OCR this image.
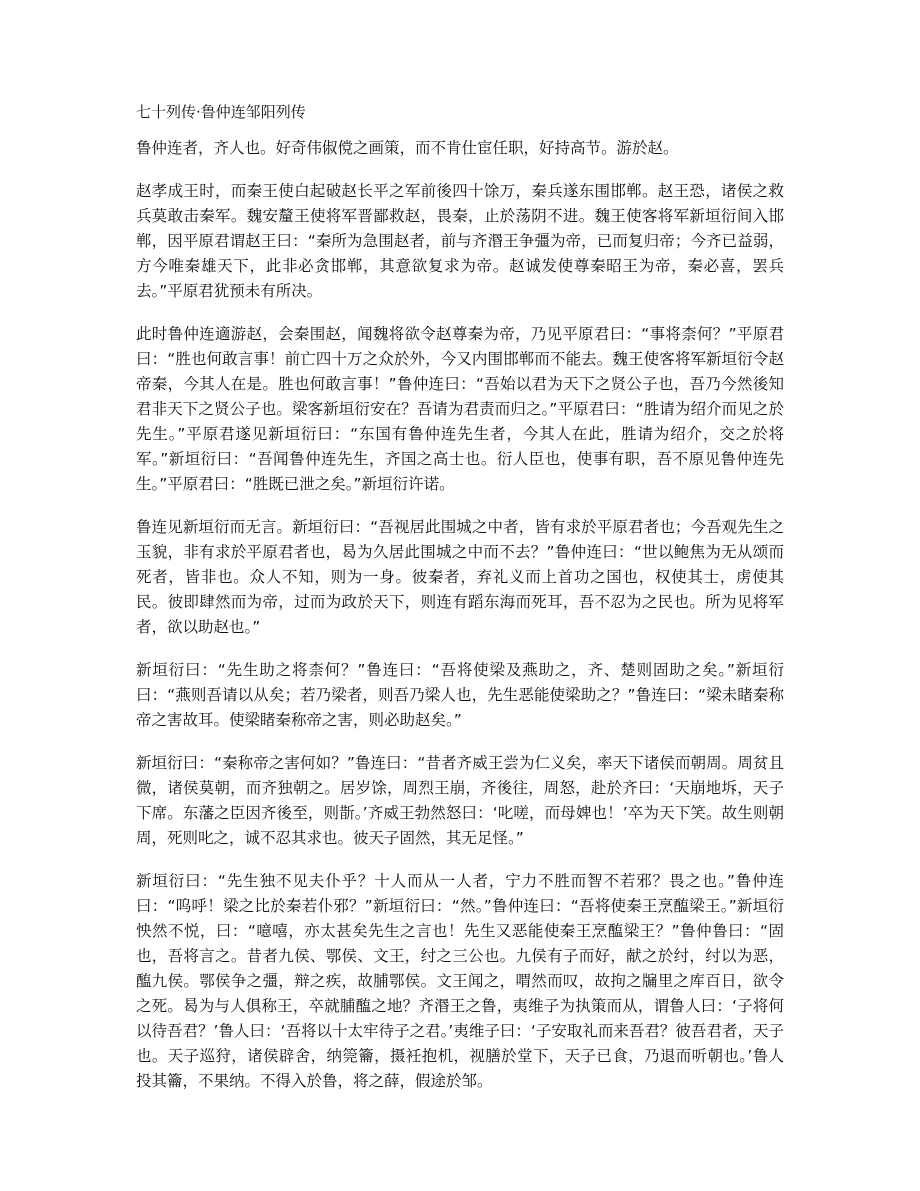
七十列传·鲁仲连邹阳列传

鲁仲连者，齐人也。好奇伟俶傥之画策，而不肯仕宦任职，好持高节。游於赵。

赵孝成王时，而秦王使白起破赵长平之军前後四十馀万，秦兵遂东围邯郸。赵王恐，诸侯之救兵莫敢击秦军。魏安釐王使将军晋鄙救赵，畏秦，止於荡阴不进。魏王使客将军新垣衍间入邯郸，因平原君谓赵王曰：“秦所为急围赵者，前与齐湣王争彊为帝，已而复归帝；今齐已益弱，方今唯秦雄天下，此非必贪邯郸，其意欲复求为帝。赵诚发使尊秦昭王为帝，秦必喜，罢兵去。”平原君犹预未有所决。

此时鲁仲连適游赵，会秦围赵，闻魏将欲令赵尊秦为帝，乃见平原君曰：“事将柰何？”平原君曰：“胜也何敢言事！前亡四十万之众於外，今又内围邯郸而不能去。魏王使客将军新垣衍令赵帝秦，今其人在是。胜也何敢言事！”鲁仲连曰：“吾始以君为天下之贤公子也，吾乃今然後知君非天下之贤公子也。梁客新垣衍安在？吾请为君责而归之。”平原君曰：“胜请为绍介而见之於先生。”平原君遂见新垣衍曰：“东国有鲁仲连先生者，今其人在此，胜请为绍介，交之於将军。”新垣衍曰：“吾闻鲁仲连先生，齐国之高士也。衍人臣也，使事有职，吾不原见鲁仲连先生。”平原君曰：“胜既已泄之矣。”新垣衍许诺。

鲁连见新垣衍而无言。新垣衍曰：“吾视居此围城之中者，皆有求於平原君者也；今吾观先生之玉貌，非有求於平原君者也，曷为久居此围城之中而不去？”鲁仲连曰：“世以鲍焦为无从颂而死者，皆非也。众人不知，则为一身。彼秦者，弃礼义而上首功之国也，权使其士，虏使其民。彼即肆然而为帝，过而为政於天下，则连有蹈东海而死耳，吾不忍为之民也。所为见将军者，欲以助赵也。”

新垣衍曰：“先生助之将柰何？”鲁连曰：“吾将使梁及燕助之，齐、楚则固助之矣。”新垣衍曰：“燕则吾请以从矣；若乃梁者，则吾乃梁人也，先生恶能使梁助之？”鲁连曰：“梁未睹秦称帝之害故耳。使梁睹秦称帝之害，则必助赵矣。”

新垣衍曰：“秦称帝之害何如？”鲁连曰：“昔者齐威王尝为仁义矣，率天下诸侯而朝周。周贫且微，诸侯莫朝，而齐独朝之。居岁馀，周烈王崩，齐後往，周怒，赴於齐曰：‘天崩地坼，天子下席。东藩之臣因齐後至，则斮。’齐威王勃然怒曰：‘叱嗟，而母婢也！’卒为天下笑。故生则朝周，死则叱之，诚不忍其求也。彼天子固然，其无足怪。”

新垣衍曰：“先生独不见夫仆乎？十人而从一人者，宁力不胜而智不若邪？畏之也。”鲁仲连曰：“呜呼！梁之比於秦若仆邪？”新垣衍曰：“然。”鲁仲连曰：“吾将使秦王烹醢梁王。”新垣衍怏然不悦，曰：“噫嘻，亦太甚矣先生之言也！先生又恶能使秦王烹醢梁王？”鲁仲鲁曰：“固也，吾将言之。昔者九侯、鄂侯、文王，纣之三公也。九侯有子而好，献之於纣，纣以为恶，醢九侯。鄂侯争之彊，辩之疾，故脯鄂侯。文王闻之，喟然而叹，故拘之牖里之库百日，欲令之死。曷为与人俱称王，卒就脯醢之地？齐湣王之鲁，夷维子为执策而从，谓鲁人曰：‘子将何以待吾君？’鲁人曰：‘吾将以十太牢待子之君。’夷维子曰：‘子安取礼而来吾君？彼吾君者，天子也。天子巡狩，诸侯辟舍，纳筦籥，摄衽抱机，视膳於堂下，天子已食，乃退而听朝也。’鲁人投其籥，不果纳。不得入於鲁，将之薛，假途於邹。
